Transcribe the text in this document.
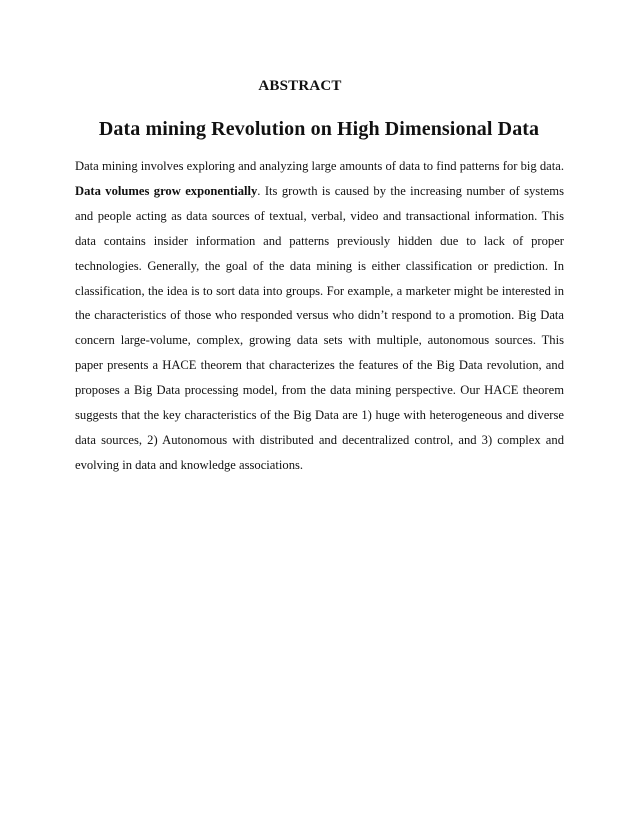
ABSTRACT
Data mining Revolution on High Dimensional Data

Data mining involves exploring and analyzing large amounts of data to find patterns for big data. Data volumes grow exponentially. Its growth is caused by the increasing number of systems and people acting as data sources of textual, verbal, video and transactional information. This data contains insider information and patterns previously hidden due to lack of proper technologies. Generally, the goal of the data mining is either classification or prediction. In classification, the idea is to sort data into groups. For example, a marketer might be interested in the characteristics of those who responded versus who didn’t respond to a promotion. Big Data concern large-volume, complex, growing data sets with multiple, autonomous sources. This paper presents a HACE theorem that characterizes the features of the Big Data revolution, and proposes a Big Data processing model, from the data mining perspective. Our HACE theorem suggests that the key characteristics of the Big Data are 1) huge with heterogeneous and diverse data sources, 2) Autonomous with distributed and decentralized control, and 3) complex and evolving in data and knowledge associations.
